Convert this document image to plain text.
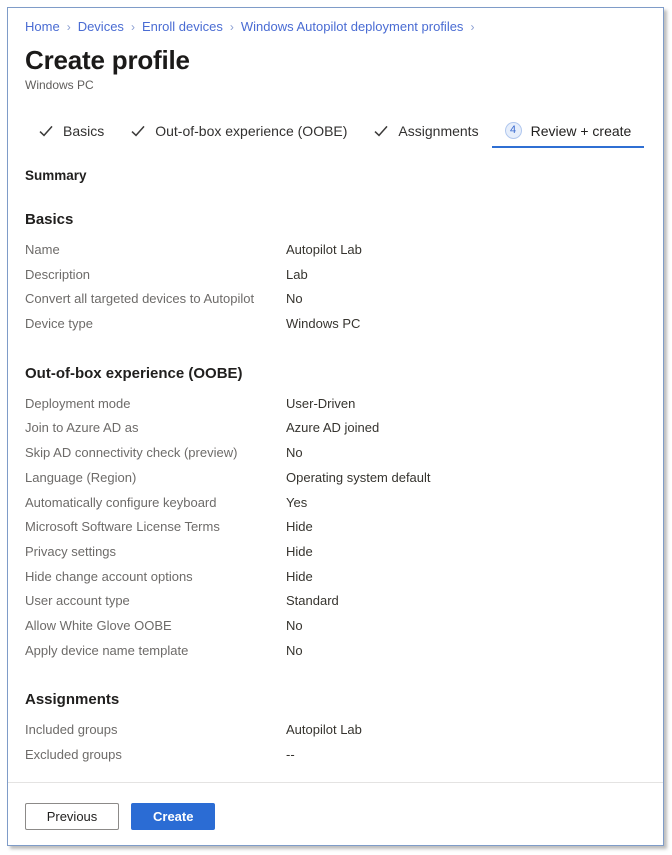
Home › Devices › Enroll devices › Windows Autopilot deployment profiles ›
Create profile
Windows PC
Basics	Out-of-box experience (OOBE)	Assignments	4	Review + create
Summary
Basics
Name	Autopilot Lab
Description	Lab
Convert all targeted devices to Autopilot	No
Device type	Windows PC
Out-of-box experience (OOBE)
Deployment mode	User-Driven
Join to Azure AD as	Azure AD joined
Skip AD connectivity check (preview)	No
Language (Region)	Operating system default
Automatically configure keyboard	Yes
Microsoft Software License Terms	Hide
Privacy settings	Hide
Hide change account options	Hide
User account type	Standard
Allow White Glove OOBE	No
Apply device name template	No
Assignments
Included groups	Autopilot Lab
Excluded groups	--
Previous	Create
